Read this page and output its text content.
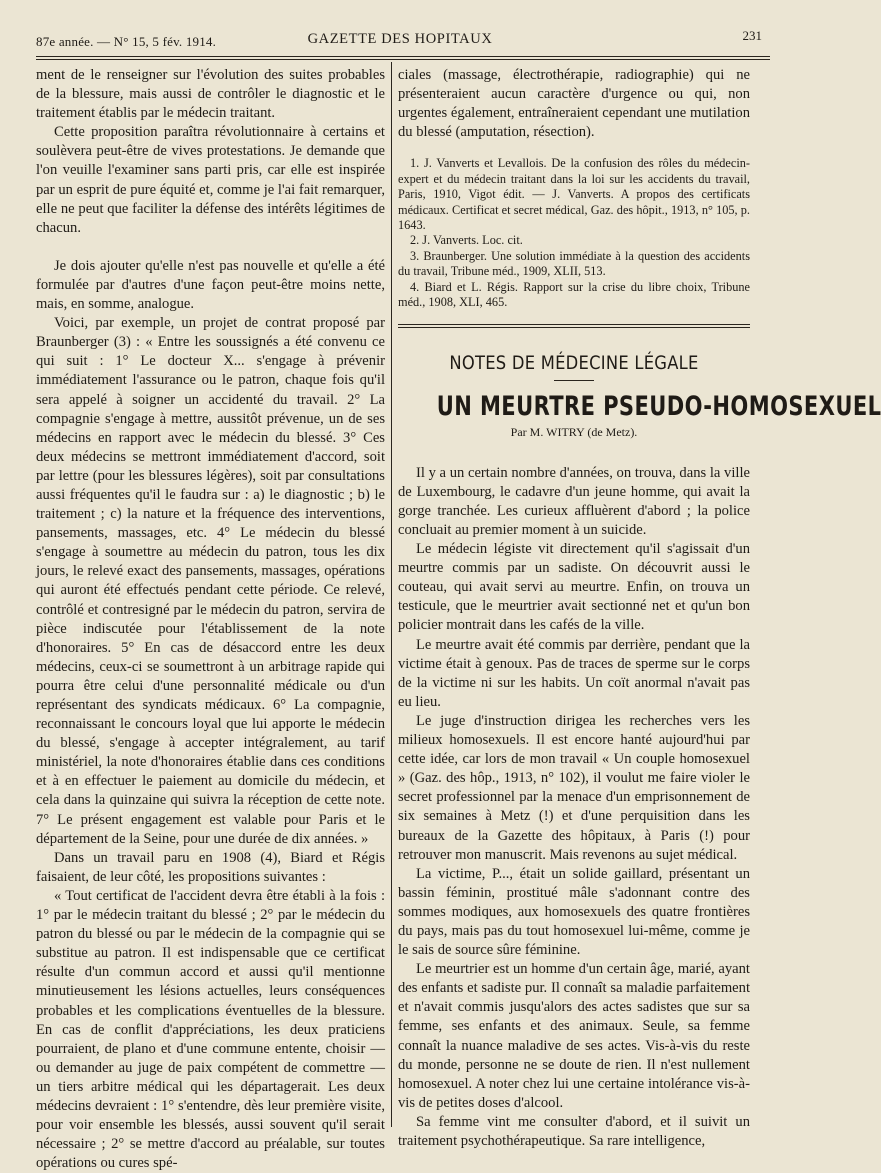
87e année. — N° 15, 5 fév. 1914.	GAZETTE DES HOPITAUX	231

ment de le renseigner sur l'évolution des suites probables de la blessure, mais aussi de contrôler le diagnostic et le traitement établis par le médecin traitant.

Cette proposition paraîtra révolutionnaire à certains et soulèvera peut-être de vives protestations. Je demande que l'on veuille l'examiner sans parti pris, car elle est inspirée par un esprit de pure équité et, comme je l'ai fait remarquer, elle ne peut que faciliter la défense des intérêts légitimes de chacun.

Je dois ajouter qu'elle n'est pas nouvelle et qu'elle a été formulée par d'autres d'une façon peut-être moins nette, mais, en somme, analogue.

Voici, par exemple, un projet de contrat proposé par Braunberger (3) : « Entre les soussignés a été convenu ce qui suit : 1° Le docteur X... s'engage à prévenir immédiatement l'assurance ou le patron, chaque fois qu'il sera appelé à soigner un accidenté du travail. 2° La compagnie s'engage à mettre, aussitôt prévenue, un de ses médecins en rapport avec le médecin du blessé. 3° Ces deux médecins se mettront immédiatement d'accord, soit par lettre (pour les blessures légères), soit par consultations aussi fréquentes qu'il le faudra sur : a) le diagnostic ; b) le traitement ; c) la nature et la fréquence des interventions, pansements, massages, etc. 4° Le médecin du blessé s'engage à soumettre au médecin du patron, tous les dix jours, le relevé exact des pansements, massages, opérations qui auront été effectués pendant cette période. Ce relevé, contrôlé et contresigné par le médecin du patron, servira de pièce indiscutée pour l'établissement de la note d'honoraires. 5° En cas de désaccord entre les deux médecins, ceux-ci se soumettront à un arbitrage rapide qui pourra être celui d'une personnalité médicale ou d'un représentant des syndicats médicaux. 6° La compagnie, reconnaissant le concours loyal que lui apporte le médecin du blessé, s'engage à accepter intégralement, au tarif ministériel, la note d'honoraires établie dans ces conditions et à en effectuer le paiement au domicile du médecin, et cela dans la quinzaine qui suivra la réception de cette note. 7° Le présent engagement est valable pour Paris et le département de la Seine, pour une durée de dix années. »

Dans un travail paru en 1908 (4), Biard et Régis faisaient, de leur côté, les propositions suivantes :

« Tout certificat de l'accident devra être établi à la fois : 1° par le médecin traitant du blessé ; 2° par le médecin du patron du blessé ou par le médecin de la compagnie qui se substitue au patron. Il est indispensable que ce certificat résulte d'un commun accord et aussi qu'il mentionne minutieusement les lésions actuelles, leurs conséquences probables et les complications éventuelles de la blessure. En cas de conflit d'appréciations, les deux praticiens pourraient, de plano et d'une commune entente, choisir — ou demander au juge de paix compétent de commettre — un tiers arbitre médical qui les départagerait. Les deux médecins devraient : 1° s'entendre, dès leur première visite, pour voir ensemble les blessés, aussi souvent qu'il serait nécessaire ; 2° se mettre d'accord au préalable, sur toutes opérations ou cures spé-

ciales (massage, électrothérapie, radiographie) qui ne présenteraient aucun caractère d'urgence ou qui, non urgentes également, entraîneraient cependant une mutilation du blessé (amputation, résection).

1. J. Vanverts et Levallois. De la confusion des rôles du médecin-expert et du médecin traitant dans la loi sur les accidents du travail, Paris, 1910, Vigot édit. — J. Vanverts. A propos des certificats médicaux. Certificat et secret médical, Gaz. des hôpit., 1913, n° 105, p. 1643.

2. J. Vanverts. Loc. cit.

3. Braunberger. Une solution immédiate à la question des accidents du travail, Tribune méd., 1909, XLII, 513.

4. Biard et L. Régis. Rapport sur la crise du libre choix, Tribune méd., 1908, XLI, 465.

NOTES DE MÉDECINE LÉGALE
UN MEURTRE PSEUDO-HOMOSEXUEL
Par M. WITRY (de Metz).

Il y a un certain nombre d'années, on trouva, dans la ville de Luxembourg, le cadavre d'un jeune homme, qui avait la gorge tranchée. Les curieux affluèrent d'abord ; la police concluait au premier moment à un suicide.

Le médecin légiste vit directement qu'il s'agissait d'un meurtre commis par un sadiste. On découvrit aussi le couteau, qui avait servi au meurtre. Enfin, on trouva un testicule, que le meurtrier avait sectionné net et qu'un bon policier montrait dans les cafés de la ville.

Le meurtre avait été commis par derrière, pendant que la victime était à genoux. Pas de traces de sperme sur le corps de la victime ni sur les habits. Un coït anormal n'avait pas eu lieu.

Le juge d'instruction dirigea les recherches vers les milieux homosexuels. Il est encore hanté aujourd'hui par cette idée, car lors de mon travail « Un couple homosexuel » (Gaz. des hôp., 1913, n° 102), il voulut me faire violer le secret professionnel par la menace d'un emprisonnement de six semaines à Metz (!) et d'une perquisition dans les bureaux de la Gazette des hôpitaux, à Paris (!) pour retrouver mon manuscrit. Mais revenons au sujet médical.

La victime, P..., était un solide gaillard, présentant un bassin féminin, prostitué mâle s'adonnant contre des sommes modiques, aux homosexuels des quatre frontières du pays, mais pas du tout homosexuel lui-même, comme je le sais de source sûre féminine.

Le meurtrier est un homme d'un certain âge, marié, ayant des enfants et sadiste pur. Il connaît sa maladie parfaitement et n'avait commis jusqu'alors des actes sadistes que sur sa femme, ses enfants et des animaux. Seule, sa femme connaît la nuance maladive de ses actes. Vis-à-vis du reste du monde, personne ne se doute de rien. Il n'est nullement homosexuel. A noter chez lui une certaine intolérance vis-à-vis de petites doses d'alcool.

Sa femme vint me consulter d'abord, et il suivit un traitement psychothérapeutique. Sa rare intelligence,
